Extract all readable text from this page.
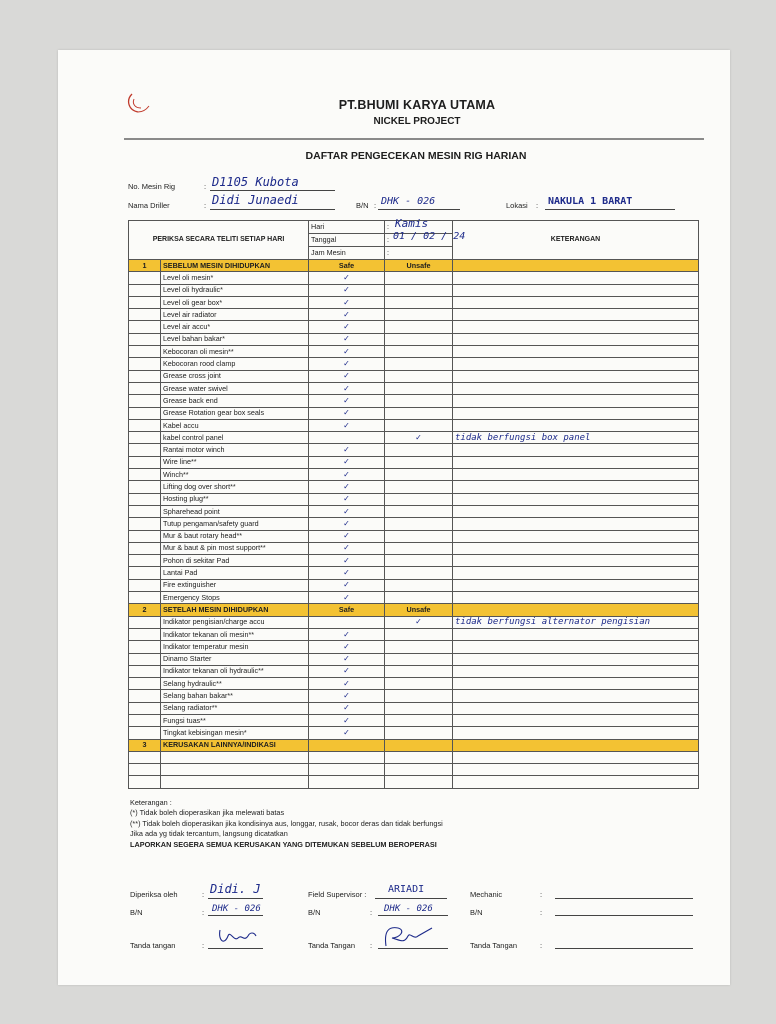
PT.BHUMI KARYA UTAMA
NICKEL PROJECT
DAFTAR PENGECEKAN MESIN RIG HARIAN
No. Mesin Rig	: D1105 Kubota
Nama Driller	: Didi Junaedi	B/N : DHK - 026	Lokasi : NAKULA 1 BARAT
PERIKSA SECARA TELITI SETIAP HARI		Hari	: Kamis	KETERANGAN
		Tanggal	: 01 / 02 / 24	

		Jam Mesin	:	
1	SEBELUM MESIN DIHIDUPKAN	Safe	Unsafe	
	Level oli mesin*	✓		
	Level oli hydraulic*	✓		
	Level oli gear box*	✓		
	Level air radiator	✓		
	Level air accu*	✓		
	Level bahan bakar*	✓		
	Kebocoran oli mesin**	✓		
	Kebocoran rood clamp	✓		
	Grease cross joint	✓		
	Grease water swivel	✓		
	Grease back end	✓		
	Grease Rotation gear box seals	✓		
	Kabel accu	✓		
	kabel control panel		✓	tidak berfungsi box panel
	Rantai motor winch	✓		
	Wire line**	✓		
	Winch**	✓		
	Lifting dog over short**	✓		
	Hosting plug**	✓		
	Spharehead point	✓		
	Tutup pengaman/safety guard	✓		
	Mur & baut rotary head**	✓		
	Mur & baut & pin most support**	✓		
	Pohon di sekitar Pad	✓		
	Lantai Pad	✓		
	Fire extinguisher	✓		
	Emergency Stops	✓		
2	SETELAH MESIN DIHIDUPKAN	Safe	Unsafe	
	Indikator pengisian/charge accu		✓	tidak berfungsi alternator pengisian
	Indikator tekanan oli mesin**	✓		
	Indikator temperatur mesin	✓		
	Dinamo Starter	✓		
	Indikator tekanan oli hydraulic**	✓		
	Selang hydraulic**	✓		
	Selang bahan bakar**	✓		
	Selang radiator**	✓		
	Fungsi tuas**	✓		
	Tingkat kebisingan mesin*	✓		
3	KERUSAKAN LAINNYA/INDIKASI			

Keterangan :
(*) Tidak boleh dioperasikan jika melewati batas
(**) Tidak boleh dioperasikan jika kondisinya aus, longgar, rusak, bocor deras dan tidak berfungsi
Jika ada yg tidak tercantum, langsung dicatatkan
LAPORKAN SEGERA SEMUA KERUSAKAN YANG DITEMUKAN SEBELUM BEROPERASI
Diperiksa oleh	: Didi. J
B/N	: DHK - 026
Tanda tangan	:
Field Supervisor : ARIADI
B/N	: DHK - 026
Tanda Tangan :
Mechanic	:
B/N	:
Tanda Tangan	:
